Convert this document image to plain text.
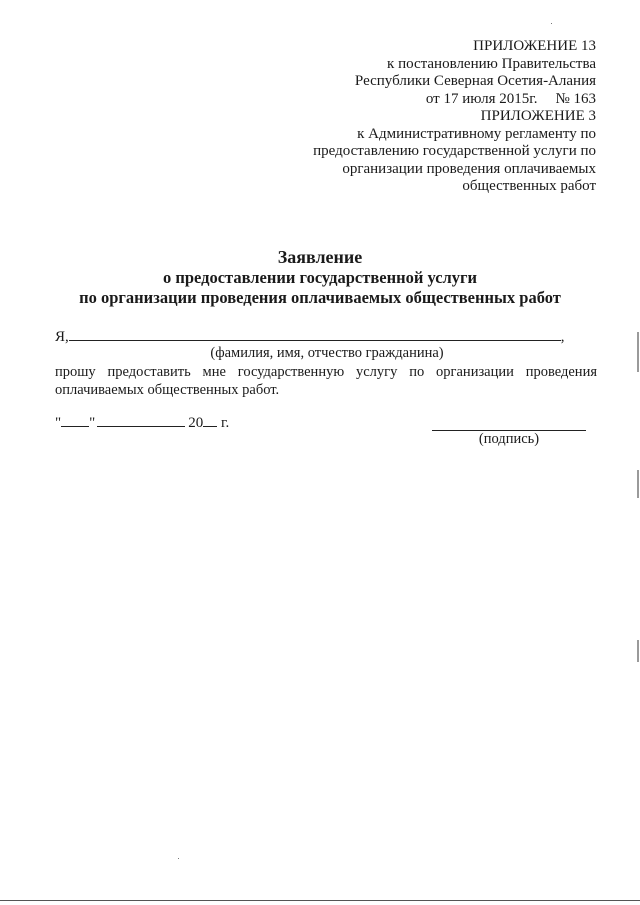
ПРИЛОЖЕНИЕ 13
к постановлению Правительства
Республики Северная Осетия-Алания
от 17 июля 2015г. № 163
ПРИЛОЖЕНИЕ 3
к Административному регламенту по
предоставлению государственной услуги по
организации проведения оплачиваемых
общественных работ
Заявление
о предоставлении государственной услуги
по организации проведения оплачиваемых общественных работ
Я,	,
(фамилия, имя, отчество гражданина)
прошу предоставить мне государственную услугу по организации проведения оплачиваемых общественных работ.
" "	20 г.
(подпись)
